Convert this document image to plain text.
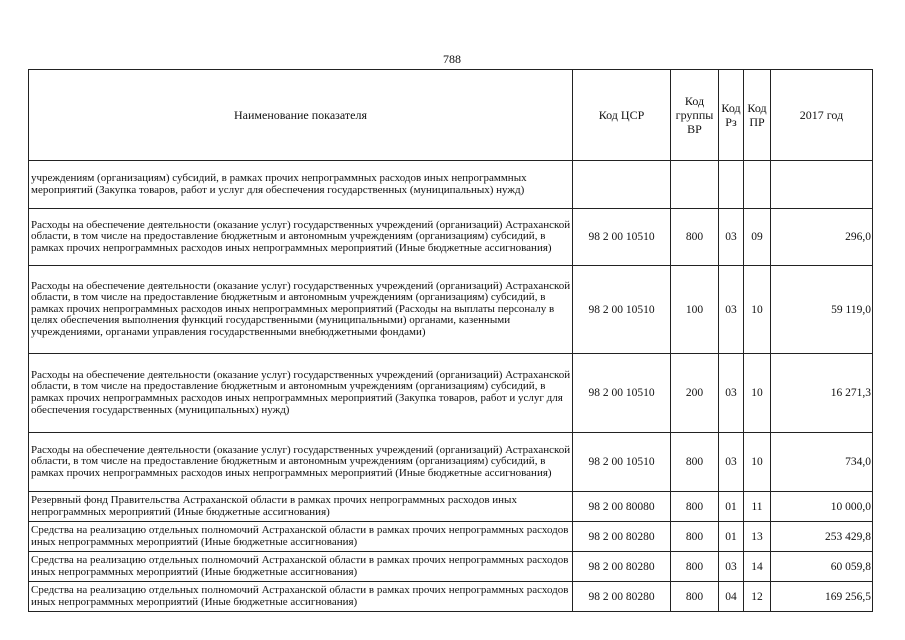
788
Наименование показателя	Код ЦСР	Код группы ВР	Код Рз	Код ПР	2017 год
учреждениям (организациям) субсидий, в рамках прочих непрограммных расходов иных непрограммных мероприятий (Закупка товаров, работ и услуг для обеспечения государственных (муниципальных) нужд)					
Расходы на обеспечение деятельности (оказание услуг) государственных учреждений (организаций) Астраханской области, в том числе на предоставление бюджетным и автономным учреждениям (организациям) субсидий, в рамках прочих непрограммных расходов иных непрограммных мероприятий (Иные бюджетные ассигнования)	98 2 00 10510	800	03	09	296,0
Расходы на обеспечение деятельности (оказание услуг) государственных учреждений (организаций) Астраханской области, в том числе на предоставление бюджетным и автономным учреждениям (организациям) субсидий, в рамках прочих непрограммных расходов иных непрограммных мероприятий (Расходы на выплаты персоналу в целях обеспечения выполнения функций государственными (муниципальными) органами, казенными учреждениями, органами управления государственными внебюджетными фондами)	98 2 00 10510	100	03	10	59 119,0
Расходы на обеспечение деятельности (оказание услуг) государственных учреждений (организаций) Астраханской области, в том числе на предоставление бюджетным и автономным учреждениям (организациям) субсидий, в рамках прочих непрограммных расходов иных непрограммных мероприятий (Закупка товаров, работ и услуг для обеспечения государственных (муниципальных) нужд)	98 2 00 10510	200	03	10	16 271,3
Расходы на обеспечение деятельности (оказание услуг) государственных учреждений (организаций) Астраханской области, в том числе на предоставление бюджетным и автономным учреждениям (организациям) субсидий, в рамках прочих непрограммных расходов иных непрограммных мероприятий (Иные бюджетные ассигнования)	98 2 00 10510	800	03	10	734,0
Резервный фонд Правительства Астраханской области в рамках прочих непрограммных расходов иных непрограммных мероприятий (Иные бюджетные ассигнования)	98 2 00 80080	800	01	11	10 000,0
Средства на реализацию отдельных полномочий Астраханской области в рамках прочих непрограммных расходов иных непрограммных мероприятий (Иные бюджетные ассигнования)	98 2 00 80280	800	01	13	253 429,8
Средства на реализацию отдельных полномочий Астраханской области в рамках прочих непрограммных расходов иных непрограммных мероприятий (Иные бюджетные ассигнования)	98 2 00 80280	800	03	14	60 059,8
Средства на реализацию отдельных полномочий Астраханской области в рамках прочих непрограммных расходов иных непрограммных мероприятий (Иные бюджетные ассигнования)	98 2 00 80280	800	04	12	169 256,5
